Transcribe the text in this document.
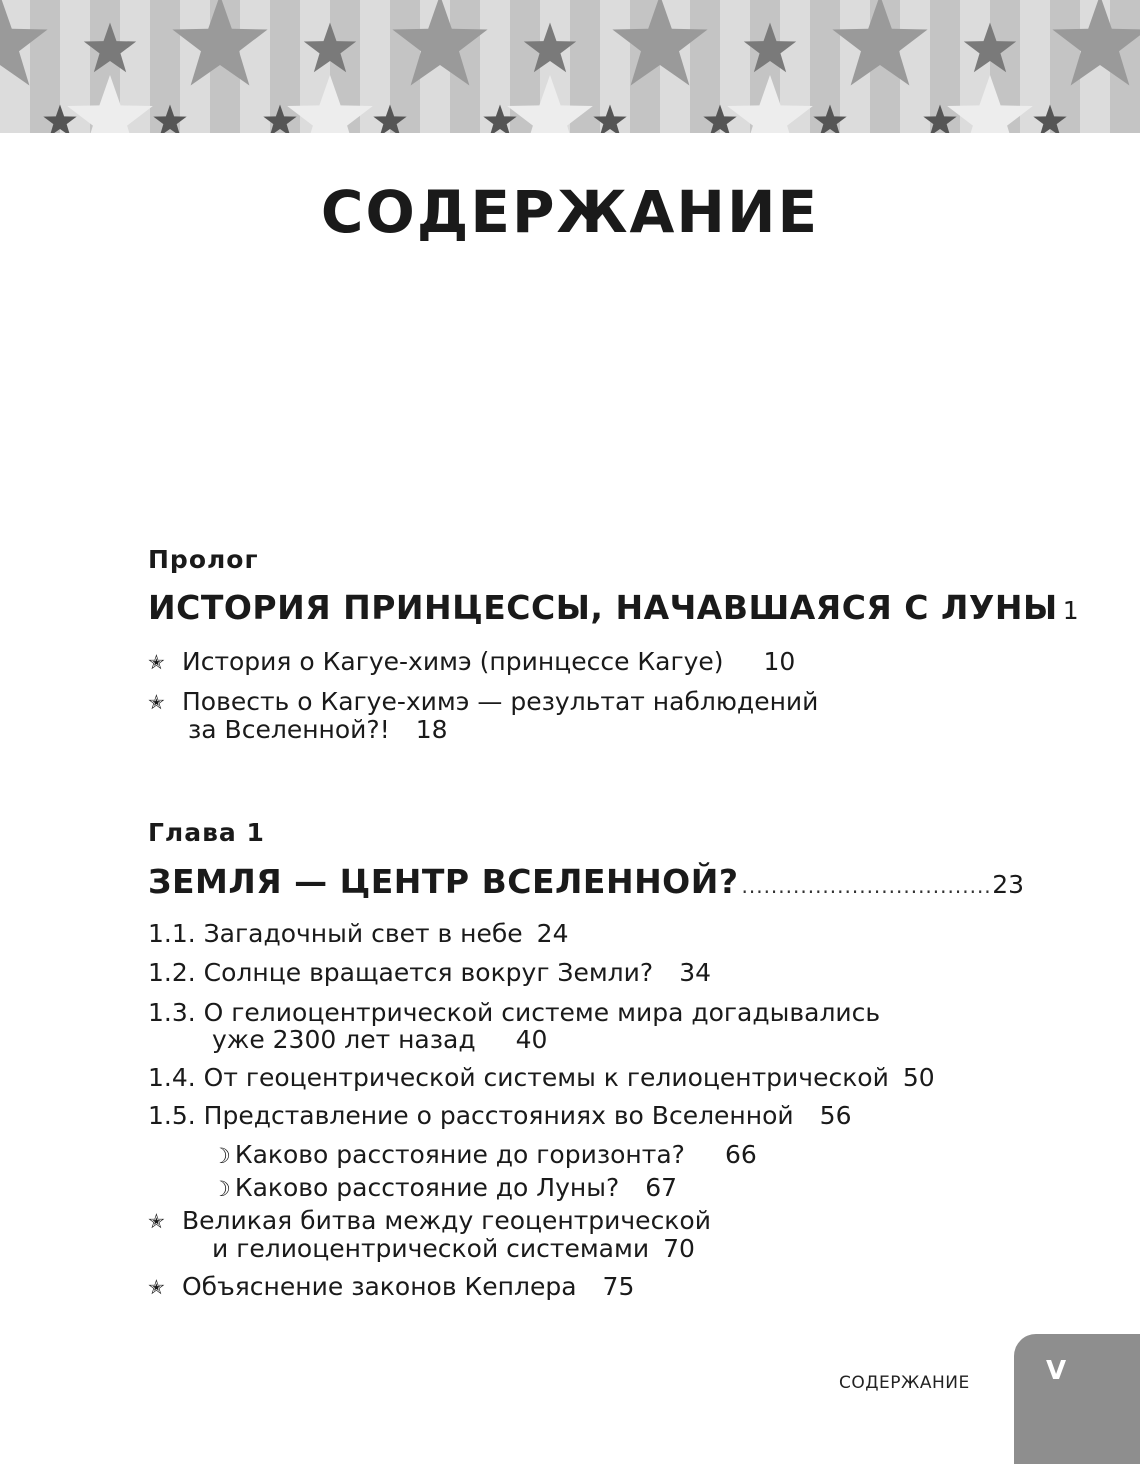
СОДЕРЖАНИЕ
Пролог
ИСТОРИЯ ПРИНЦЕССЫ, НАЧАВШАЯСЯ С ЛУНЫ 1
✭ История о Кагуе-химэ (принцессе Кагуе) 10
✭ Повесть о Кагуе-химэ — результат наблюдений
за Вселенной?! 18
Глава 1
ЗЕМЛЯ — ЦЕНТР ВСЕЛЕННОЙ?
.....	23
1.1. Загадочный свет в небе 24
1.2. Солнце вращается вокруг Земли? 34
1.3. О гелиоцентрической системе мира догадывались
уже 2300 лет назад 40
1.4. От геоцентрической системы к гелиоцентрической 50
1.5. Представление о расстояниях во Вселенной 56
☽ Каково расстояние до горизонта? 66
☽ Каково расстояние до Луны? 67
✭ Великая битва между геоцентрической
и гелиоцентрической системами 70
✭ Объяснение законов Кеплера 75
СОДЕРЖАНИЕ	V
